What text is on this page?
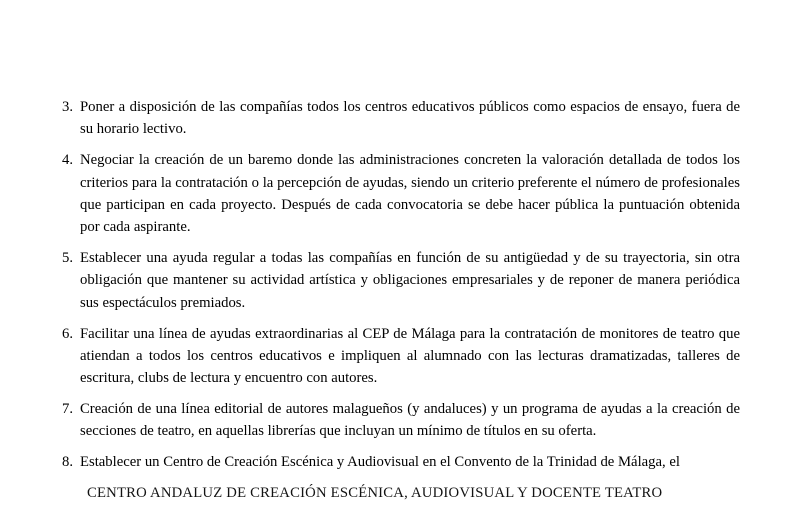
3. Poner a disposición de las compañías todos los centros educativos públicos como espacios de ensayo, fuera de su horario lectivo.
4. Negociar la creación de un baremo donde las administraciones concreten la valoración detallada de todos los criterios para la contratación o la percepción de ayudas, siendo un criterio preferente el número de profesionales que participan en cada proyecto. Después de cada convocatoria se debe hacer pública la puntuación obtenida por cada aspirante.
5. Establecer una ayuda regular a todas las compañías en función de su antigüedad y de su trayectoria, sin otra obligación que mantener su actividad artística y obligaciones empresariales y de reponer de manera periódica sus espectáculos premiados.
6. Facilitar una línea de ayudas extraordinarias al CEP de Málaga para la contratación de monitores de teatro que atiendan a todos los centros educativos e impliquen al alumnado con las lecturas dramatizadas, talleres de escritura, clubs de lectura y encuentro con autores.
7. Creación de una línea editorial de autores malagueños (y andaluces) y un programa de ayudas a la creación de secciones de teatro, en aquellas librerías que incluyan un mínimo de títulos en su oferta.
8. Establecer un Centro de Creación Escénica y Audiovisual en el Convento de la Trinidad de Málaga, el
CENTRO ANDALUZ DE CREACIÓN ESCÉNICA, AUDIOVISUAL Y DOCENTE TEATRO
